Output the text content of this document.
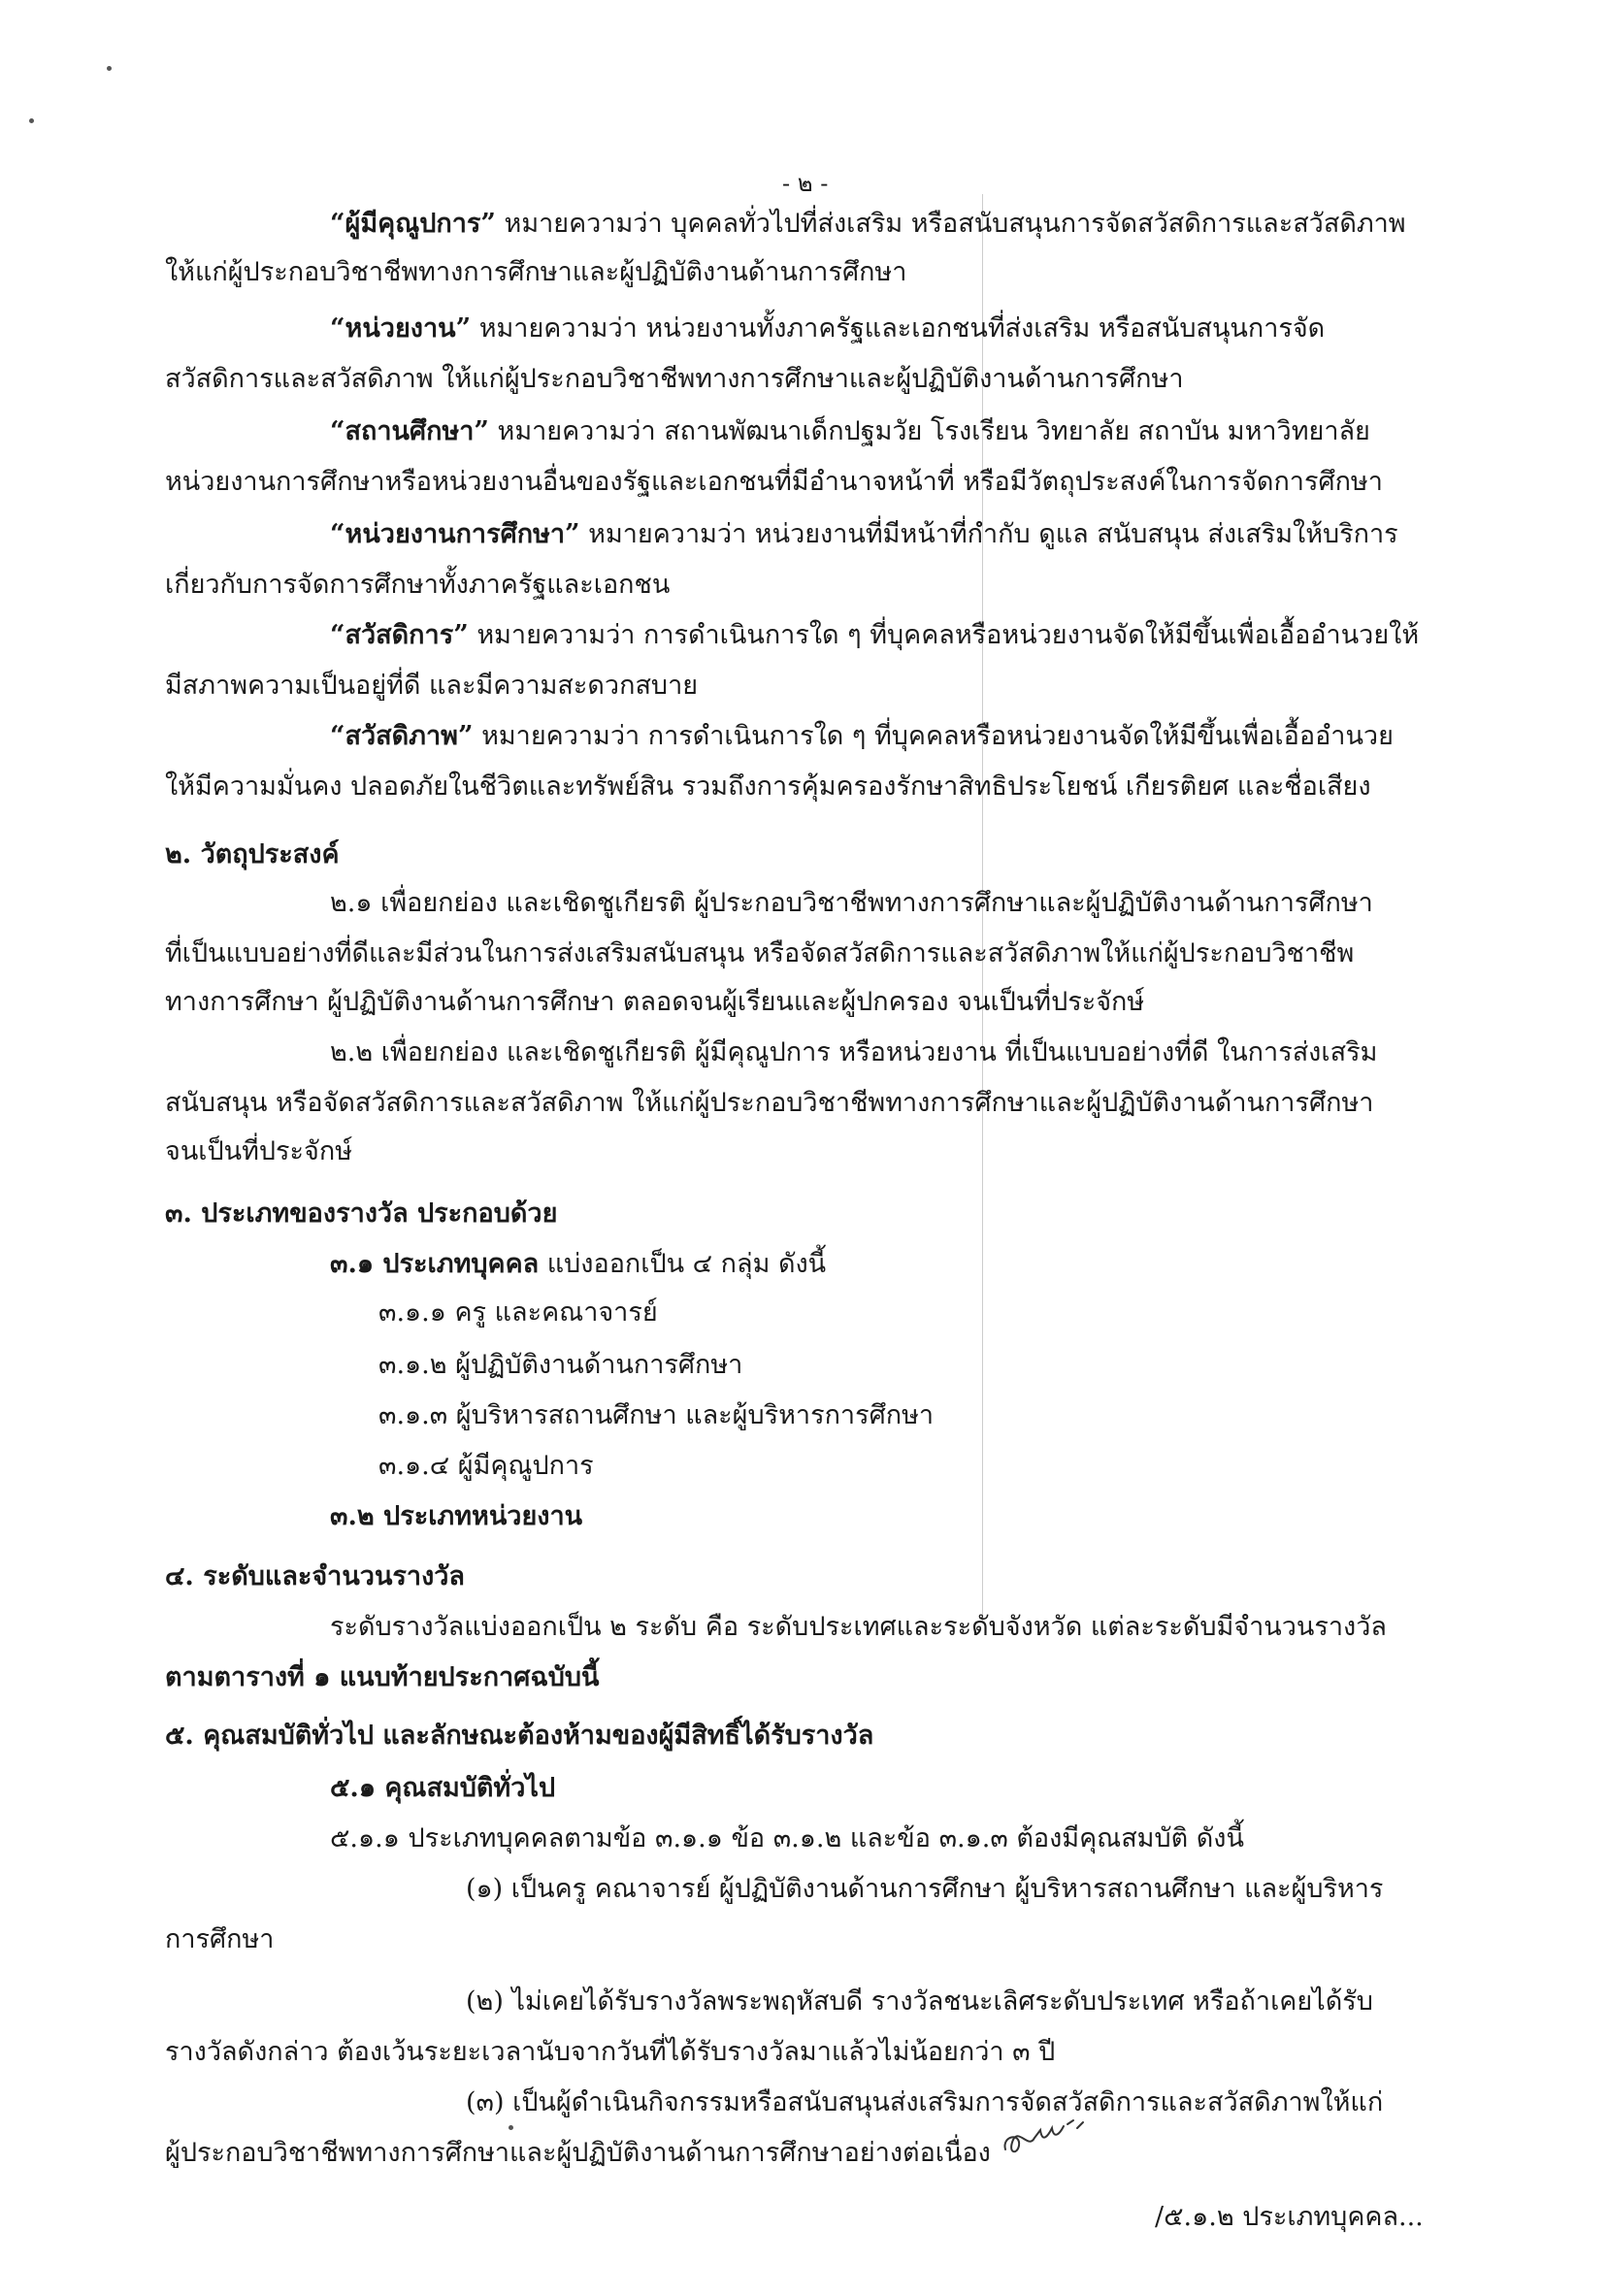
- ๒ -
“ผู้มีคุณูปการ” หมายความว่า บุคคลทั่วไปที่ส่งเสริม หรือสนับสนุนการจัดสวัสดิการและสวัสดิภาพ
ให้แก่ผู้ประกอบวิชาชีพทางการศึกษาและผู้ปฏิบัติงานด้านการศึกษา
“หน่วยงาน” หมายความว่า หน่วยงานทั้งภาครัฐและเอกชนที่ส่งเสริม หรือสนับสนุนการจัด
สวัสดิการและสวัสดิภาพ ให้แก่ผู้ประกอบวิชาชีพทางการศึกษาและผู้ปฏิบัติงานด้านการศึกษา
“สถานศึกษา” หมายความว่า สถานพัฒนาเด็กปฐมวัย โรงเรียน วิทยาลัย สถาบัน มหาวิทยาลัย
หน่วยงานการศึกษาหรือหน่วยงานอื่นของรัฐและเอกชนที่มีอำนาจหน้าที่ หรือมีวัตถุประสงค์ในการจัดการศึกษา
“หน่วยงานการศึกษา” หมายความว่า หน่วยงานที่มีหน้าที่กำกับ ดูแล สนับสนุน ส่งเสริมให้บริการ
เกี่ยวกับการจัดการศึกษาทั้งภาครัฐและเอกชน
“สวัสดิการ” หมายความว่า การดำเนินการใด ๆ ที่บุคคลหรือหน่วยงานจัดให้มีขึ้นเพื่อเอื้ออำนวยให้
มีสภาพความเป็นอยู่ที่ดี และมีความสะดวกสบาย
“สวัสดิภาพ” หมายความว่า การดำเนินการใด ๆ ที่บุคคลหรือหน่วยงานจัดให้มีขึ้นเพื่อเอื้ออำนวย
ให้มีความมั่นคง ปลอดภัยในชีวิตและทรัพย์สิน รวมถึงการคุ้มครองรักษาสิทธิประโยชน์ เกียรติยศ และชื่อเสียง
๒. วัตถุประสงค์
๒.๑ เพื่อยกย่อง และเชิดชูเกียรติ ผู้ประกอบวิชาชีพทางการศึกษาและผู้ปฏิบัติงานด้านการศึกษา
ที่เป็นแบบอย่างที่ดีและมีส่วนในการส่งเสริมสนับสนุน หรือจัดสวัสดิการและสวัสดิภาพให้แก่ผู้ประกอบวิชาชีพ
ทางการศึกษา ผู้ปฏิบัติงานด้านการศึกษา ตลอดจนผู้เรียนและผู้ปกครอง จนเป็นที่ประจักษ์
๒.๒ เพื่อยกย่อง และเชิดชูเกียรติ ผู้มีคุณูปการ หรือหน่วยงาน ที่เป็นแบบอย่างที่ดี ในการส่งเสริม
สนับสนุน หรือจัดสวัสดิการและสวัสดิภาพ ให้แก่ผู้ประกอบวิชาชีพทางการศึกษาและผู้ปฏิบัติงานด้านการศึกษา
จนเป็นที่ประจักษ์
๓. ประเภทของรางวัล ประกอบด้วย
๓.๑ ประเภทบุคคล แบ่งออกเป็น ๔ กลุ่ม ดังนี้
๓.๑.๑ ครู และคณาจารย์
๓.๑.๒ ผู้ปฏิบัติงานด้านการศึกษา
๓.๑.๓ ผู้บริหารสถานศึกษา และผู้บริหารการศึกษา
๓.๑.๔ ผู้มีคุณูปการ
๓.๒ ประเภทหน่วยงาน
๔. ระดับและจำนวนรางวัล
ระดับรางวัลแบ่งออกเป็น ๒ ระดับ คือ ระดับประเทศและระดับจังหวัด แต่ละระดับมีจำนวนรางวัล
ตามตารางที่ ๑ แนบท้ายประกาศฉบับนี้
๕. คุณสมบัติทั่วไป และลักษณะต้องห้ามของผู้มีสิทธิ์ได้รับรางวัล
๕.๑ คุณสมบัติทั่วไป
๕.๑.๑ ประเภทบุคคลตามข้อ ๓.๑.๑ ข้อ ๓.๑.๒ และข้อ ๓.๑.๓ ต้องมีคุณสมบัติ ดังนี้
(๑) เป็นครู คณาจารย์ ผู้ปฏิบัติงานด้านการศึกษา ผู้บริหารสถานศึกษา และผู้บริหาร
การศึกษา
(๒) ไม่เคยได้รับรางวัลพระพฤหัสบดี รางวัลชนะเลิศระดับประเทศ หรือถ้าเคยได้รับ
รางวัลดังกล่าว ต้องเว้นระยะเวลานับจากวันที่ได้รับรางวัลมาแล้วไม่น้อยกว่า ๓ ปี
(๓) เป็นผู้ดำเนินกิจกรรมหรือสนับสนุนส่งเสริมการจัดสวัสดิการและสวัสดิภาพให้แก่
ผู้ประกอบวิชาชีพทางการศึกษาและผู้ปฏิบัติงานด้านการศึกษาอย่างต่อเนื่อง
/๕.๑.๒ ประเภทบุคคล...
